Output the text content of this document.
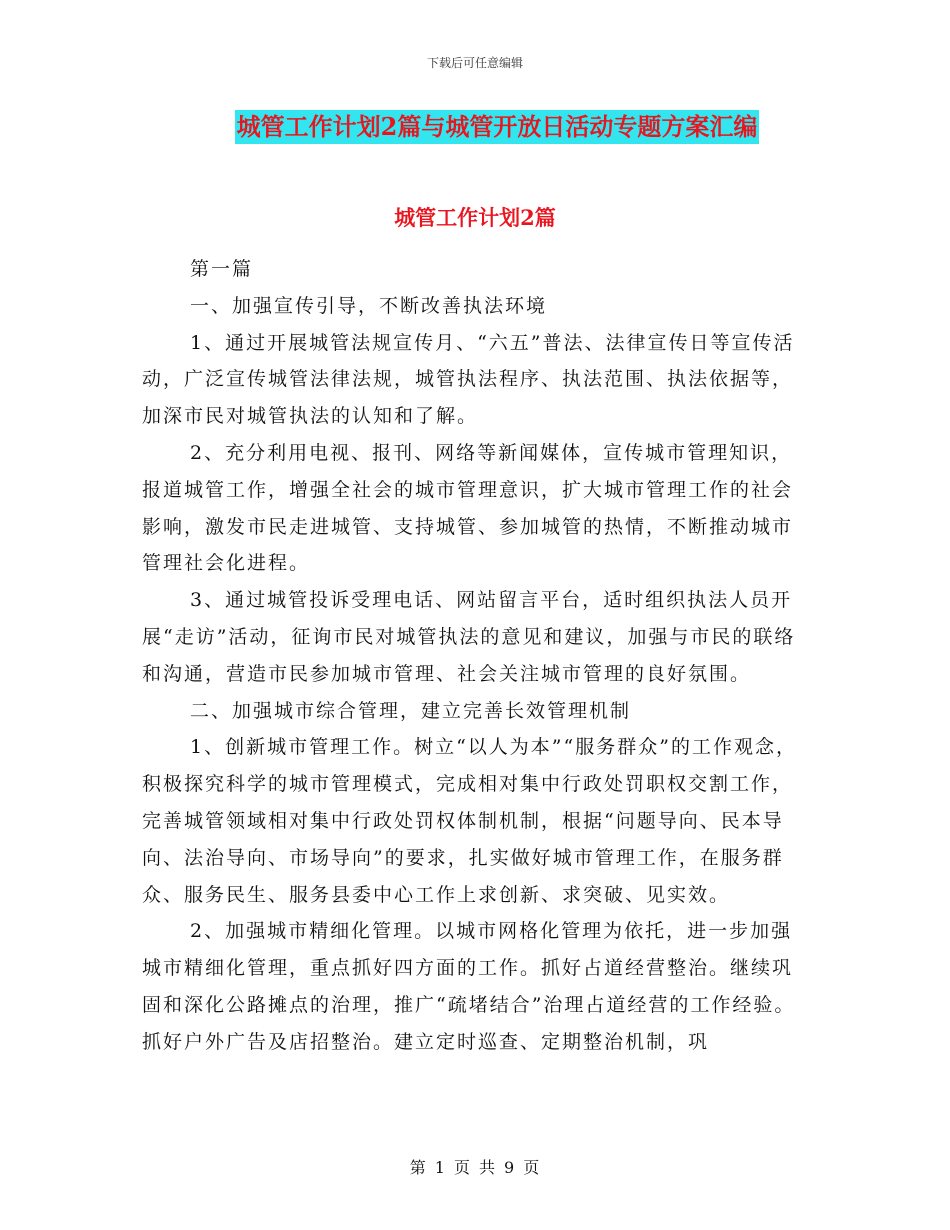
下载后可任意编辑
城管工作计划2篇与城管开放日活动专题方案汇编
城管工作计划2篇

第一篇

一、加强宣传引导，不断改善执法环境

1、通过开展城管法规宣传月、“六五”普法、法律宣传日等宣传活动，广泛宣传城管法律法规，城管执法程序、执法范围、执法依据等，加深市民对城管执法的认知和了解。

2、充分利用电视、报刊、网络等新闻媒体，宣传城市管理知识，报道城管工作，增强全社会的城市管理意识，扩大城市管理工作的社会影响，激发市民走进城管、支持城管、参加城管的热情，不断推动城市管理社会化进程。

3、通过城管投诉受理电话、网站留言平台，适时组织执法人员开展“走访”活动，征询市民对城管执法的意见和建议，加强与市民的联络和沟通，营造市民参加城市管理、社会关注城市管理的良好氛围。

二、加强城市综合管理，建立完善长效管理机制

1、创新城市管理工作。树立“以人为本”“服务群众”的工作观念，积极探究科学的城市管理模式，完成相对集中行政处罚职权交割工作，完善城管领域相对集中行政处罚权体制机制，根据“问题导向、民本导向、法治导向、市场导向”的要求，扎实做好城市管理工作，在服务群众、服务民生、服务县委中心工作上求创新、求突破、见实效。

2、加强城市精细化管理。以城市网格化管理为依托，进一步加强城市精细化管理，重点抓好四方面的工作。抓好占道经营整治。继续巩固和深化公路摊点的治理，推广“疏堵结合”治理占道经营的工作经验。抓好户外广告及店招整治。建立定时巡查、定期整治机制，巩

第 1 页 共 9 页
